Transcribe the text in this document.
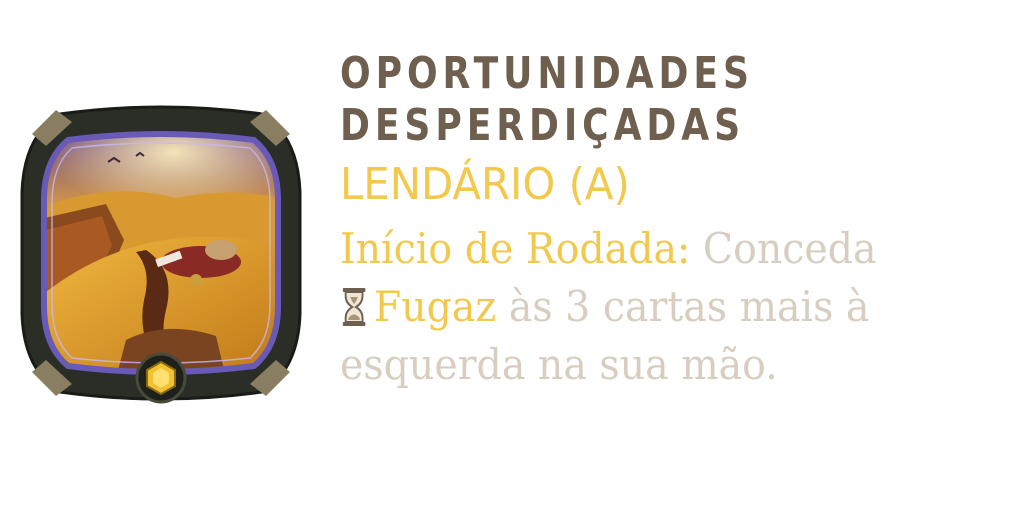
OPORTUNIDADES
DESPERDIÇADAS
LENDÁRIO (A)
Início de Rodada: Conceda
Fugaz às 3 cartas mais à
esquerda na sua mão.
